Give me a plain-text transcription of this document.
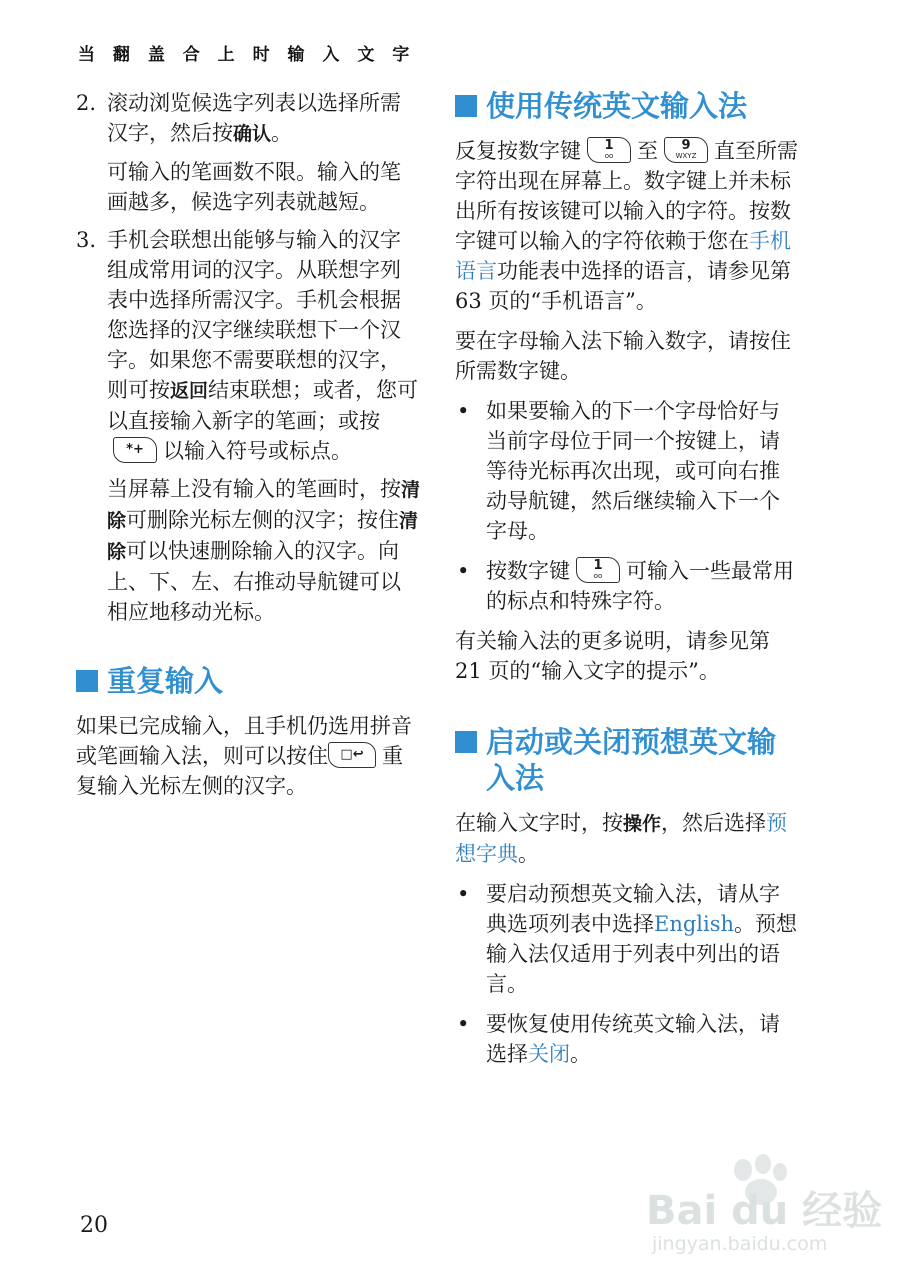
当 翻 盖 合 上 时 输 入 文 字

2. 滚动浏览候选字列表以选择所需汉字，然后按确认。

可输入的笔画数不限。输入的笔画越多，候选字列表就越短。

3. 手机会联想出能够与输入的汉字组成常用词的汉字。从联想字列表中选择所需汉字。手机会根据您选择的汉字继续联想下一个汉字。如果您不需要联想的汉字，则可按返回结束联想；或者，您可以直接输入新字的笔画；或按
*+ 以输入符号或标点。

当屏幕上没有输入的笔画时，按清除可删除光标左侧的汉字；按住清除可以快速删除输入的汉字。向上、下、左、右推动导航键可以相应地移动光标。

重复输入

如果已完成输入，且手机仍选用拼音或笔画输入法，则可以按住 □↩ 重复输入光标左侧的汉字。

使用传统英文输入法

反复按数字键	1
oo	至	9
WXYZ 直至所需字符出现在屏幕上。数字键上并未标出所有按该键可以输入的字符。按数字键可以输入的字符依赖于您在手机语言功能表中选择的语言，请参见第 63 页的“手机语言”。

要在字母输入法下输入数字，请按住所需数字键。

• 如果要输入的下一个字母恰好与当前字母位于同一个按键上，请等待光标再次出现，或可向右推动导航键，然后继续输入下一个字母。

• 按数字键	1
oo	可输入一些最常用的标点和特殊字符。

有关输入法的更多说明，请参见第 21 页的“输入文字的提示”。

启动或关闭预想英文输入法

在输入文字时，按操作，然后选择预想字典。

• 要启动预想英文输入法，请从字典选项列表中选择English。预想输入法仅适用于列表中列出的语言。

• 要恢复使用传统英文输入法，请选择关闭。

20	Bai du 经验
jingyan.baidu.com
